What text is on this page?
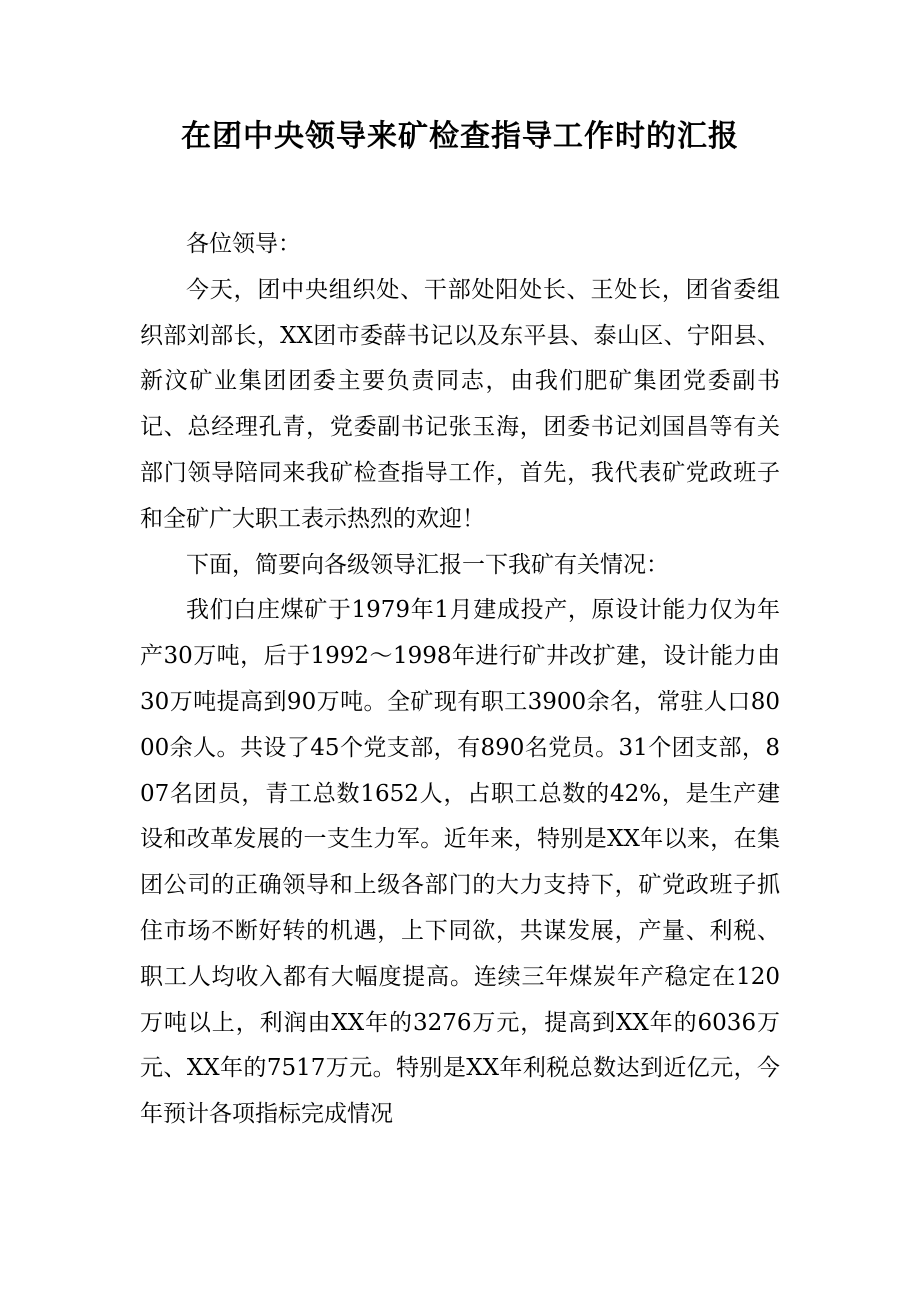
在团中央领导来矿检查指导工作时的汇报

各位领导：

今天，团中央组织处、干部处阳处长、王处长，团省委组织部刘部长，XX团市委薛书记以及东平县、泰山区、宁阳县、新汶矿业集团团委主要负责同志，由我们肥矿集团党委副书记、总经理孔青，党委副书记张玉海，团委书记刘国昌等有关部门领导陪同来我矿检查指导工作，首先，我代表矿党政班子和全矿广大职工表示热烈的欢迎！

下面，简要向各级领导汇报一下我矿有关情况：

我们白庄煤矿于1979年1月建成投产，原设计能力仅为年产30万吨，后于1992～1998年进行矿井改扩建，设计能力由30万吨提高到90万吨。全矿现有职工3900余名，常驻人口8000余人。共设了45个党支部，有890名党员。31个团支部，807名团员，青工总数1652人，占职工总数的42%，是生产建设和改革发展的一支生力军。近年来，特别是XX年以来，在集团公司的正确领导和上级各部门的大力支持下，矿党政班子抓住市场不断好转的机遇，上下同欲，共谋发展，产量、利税、职工人均收入都有大幅度提高。连续三年煤炭年产稳定在120万吨以上，利润由XX年的3276万元，提高到XX年的6036万元、XX年的7517万元。特别是XX年利税总数达到近亿元，今年预计各项指标完成情况
